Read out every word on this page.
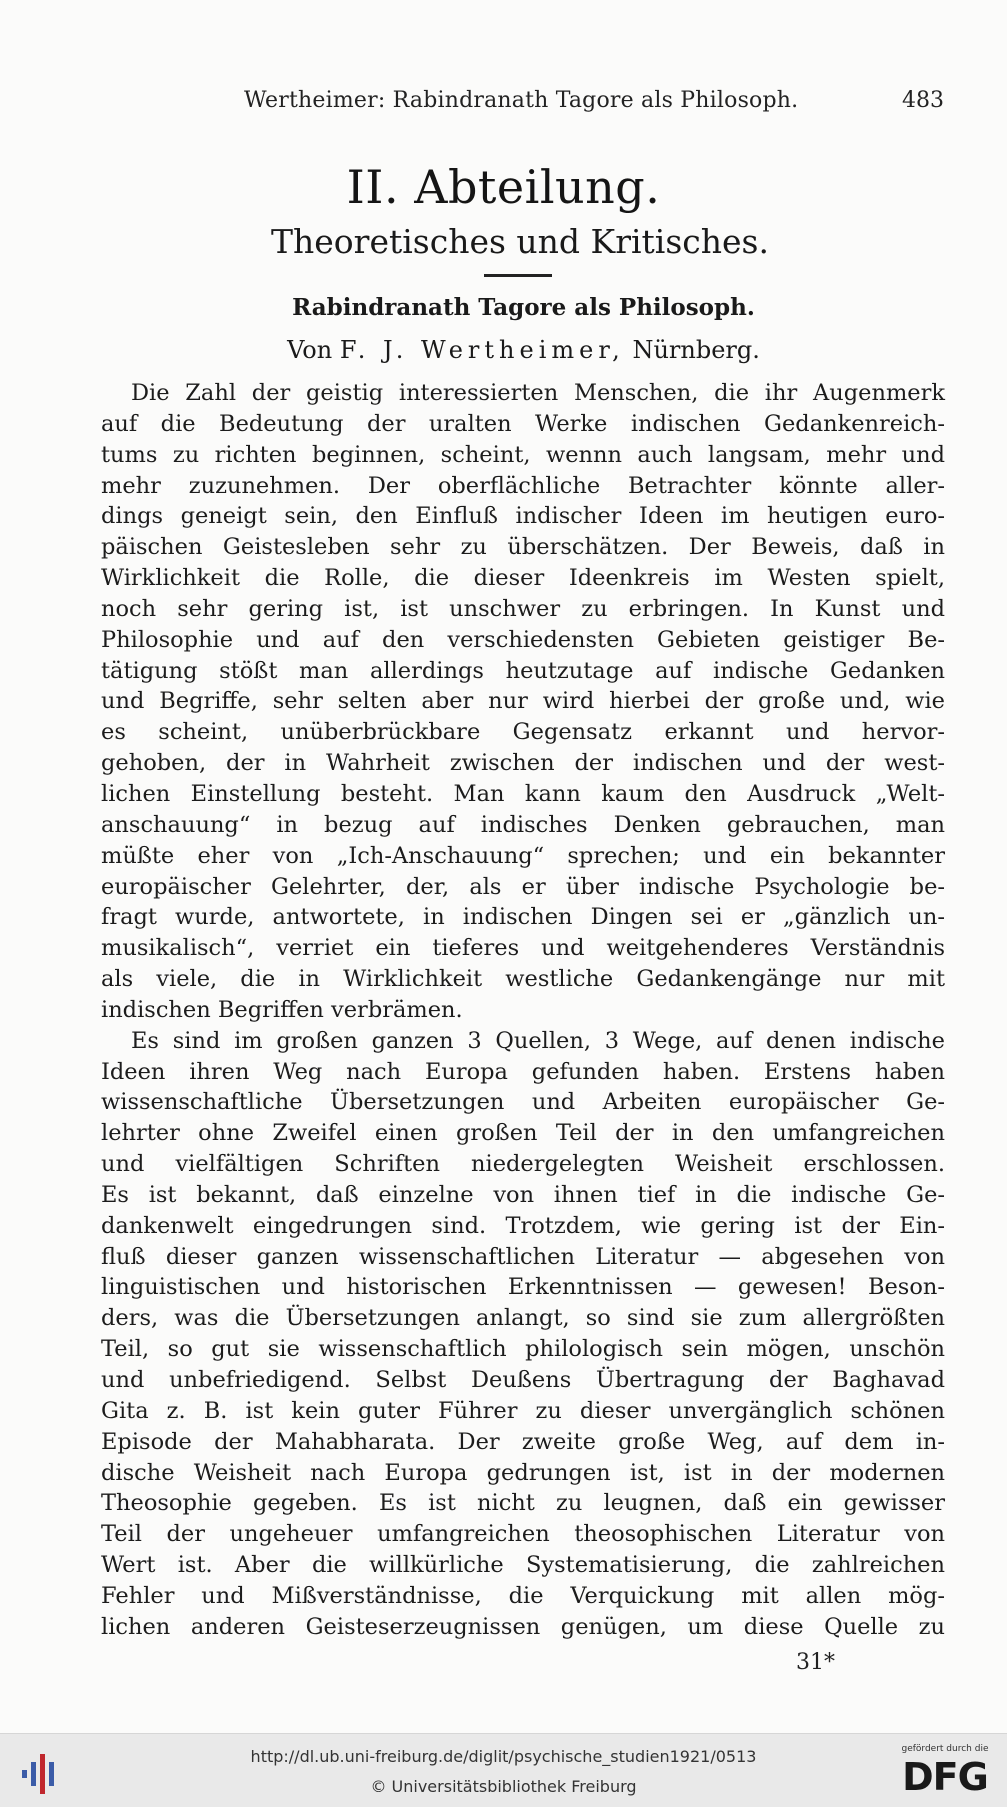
Wertheimer: Rabindranath Tagore als Philosoph.	483
II. Abteilung.
Theoretisches und Kritisches.
Rabindranath Tagore als Philosoph.
Von F. J. Wertheimer, Nürnberg.
Die Zahl der geistig interessierten Menschen, die ihr Augenmerk
auf die Bedeutung der uralten Werke indischen Gedankenreich-
tums zu richten beginnen, scheint, wennn auch langsam, mehr und
mehr zuzunehmen. Der oberflächliche Betrachter könnte aller-
dings geneigt sein, den Einfluß indischer Ideen im heutigen euro-
päischen Geistesleben sehr zu überschätzen. Der Beweis, daß in
Wirklichkeit die Rolle, die dieser Ideenkreis im Westen spielt,
noch sehr gering ist, ist unschwer zu erbringen. In Kunst und
Philosophie und auf den verschiedensten Gebieten geistiger Be-
tätigung stößt man allerdings heutzutage auf indische Gedanken
und Begriffe, sehr selten aber nur wird hierbei der große und, wie
es scheint, unüberbrückbare Gegensatz erkannt und hervor-
gehoben, der in Wahrheit zwischen der indischen und der west-
lichen Einstellung besteht. Man kann kaum den Ausdruck „Welt-
anschauung“ in bezug auf indisches Denken gebrauchen, man
müßte eher von „Ich-Anschauung“ sprechen; und ein bekannter
europäischer Gelehrter, der, als er über indische Psychologie be-
fragt wurde, antwortete, in indischen Dingen sei er „gänzlich un-
musikalisch“, verriet ein tieferes und weitgehenderes Verständnis
als viele, die in Wirklichkeit westliche Gedankengänge nur mit
indischen Begriffen verbrämen.
Es sind im großen ganzen 3 Quellen, 3 Wege, auf denen indische
Ideen ihren Weg nach Europa gefunden haben. Erstens haben
wissenschaftliche Übersetzungen und Arbeiten europäischer Ge-
lehrter ohne Zweifel einen großen Teil der in den umfangreichen
und vielfältigen Schriften niedergelegten Weisheit erschlossen.
Es ist bekannt, daß einzelne von ihnen tief in die indische Ge-
dankenwelt eingedrungen sind. Trotzdem, wie gering ist der Ein-
fluß dieser ganzen wissenschaftlichen Literatur — abgesehen von
linguistischen und historischen Erkenntnissen — gewesen! Beson-
ders, was die Übersetzungen anlangt, so sind sie zum allergrößten
Teil, so gut sie wissenschaftlich philologisch sein mögen, unschön
und unbefriedigend. Selbst Deußens Übertragung der Baghavad
Gita z. B. ist kein guter Führer zu dieser unvergänglich schönen
Episode der Mahabharata. Der zweite große Weg, auf dem in-
dische Weisheit nach Europa gedrungen ist, ist in der modernen
Theosophie gegeben. Es ist nicht zu leugnen, daß ein gewisser
Teil der ungeheuer umfangreichen theosophischen Literatur von
Wert ist. Aber die willkürliche Systematisierung, die zahlreichen
Fehler und Mißverständnisse, die Verquickung mit allen mög-
lichen anderen Geisteserzeugnissen genügen, um diese Quelle zu
31*
http://dl.ub.uni-freiburg.de/diglit/psychische_studien1921/0513
© Universitätsbibliothek Freiburg
gefördert durch die
DFG
